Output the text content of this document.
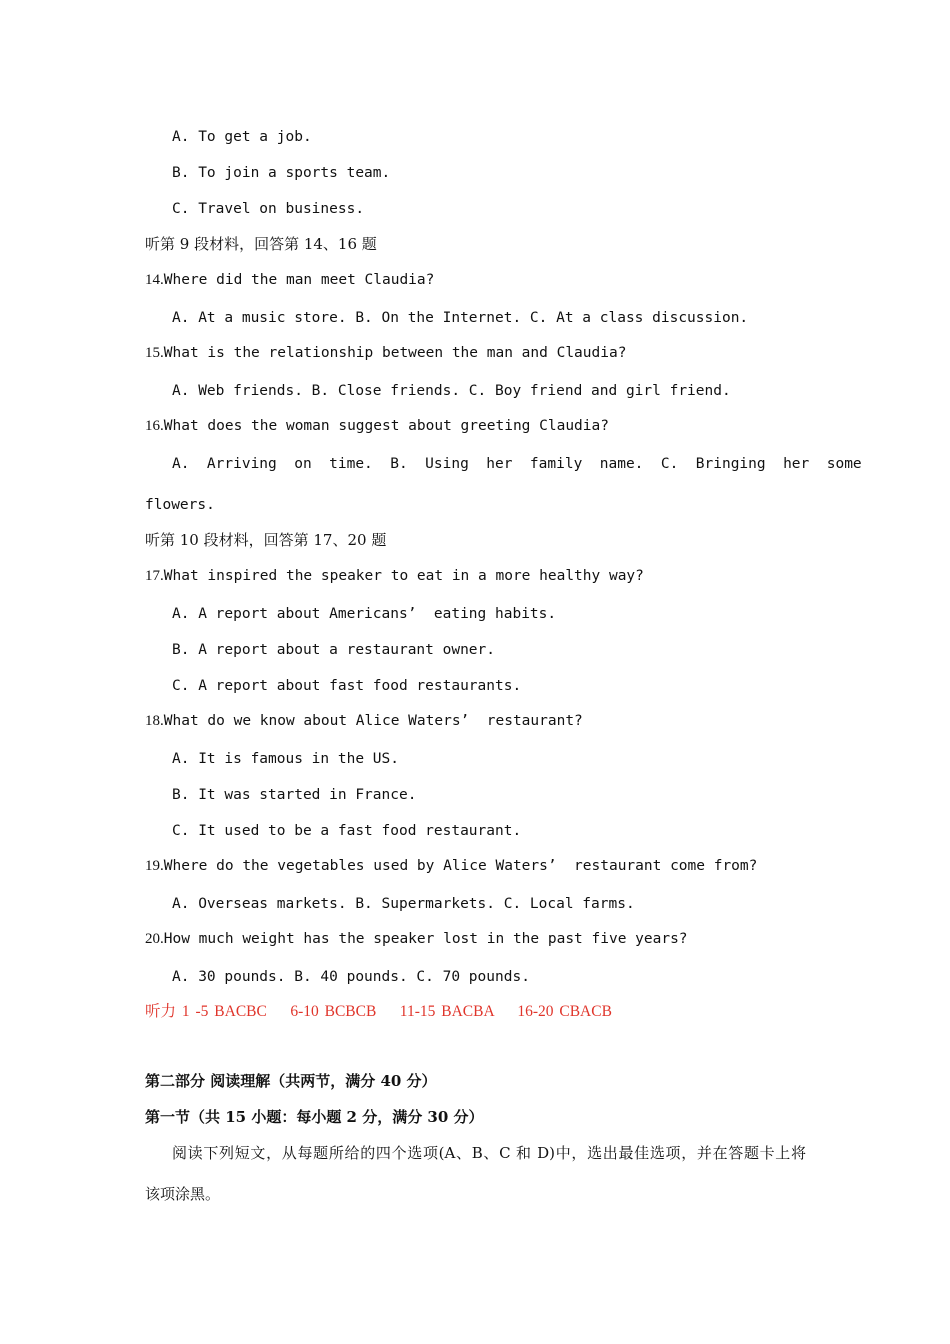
A. To get a job.
B. To join a sports team.
C. Travel on business.
听第 9 段材料，回答第 14、16 题
14.Where did the man meet Claudia?
A. At a music store. B. On the Internet. C. At a class discussion.
15.What is the relationship between the man and Claudia?
A. Web friends. B. Close friends. C. Boy friend and girl friend.
16.What does the woman suggest about greeting Claudia?
A.  Arriving  on  time.  B.  Using  her  family  name.  C.  Bringing  her  some
flowers.
听第 10 段材料，回答第 17、20 题
17.What inspired the speaker to eat in a more healthy way?
A. A report about Americans’  eating habits.
B. A report about a restaurant owner.
C. A report about fast food restaurants.
18.What do we know about Alice Waters’  restaurant?
A. It is famous in the US.
B. It was started in France.
C. It used to be a fast food restaurant.
19.Where do the vegetables used by Alice Waters’  restaurant come from?
A. Overseas markets. B. Supermarkets. C. Local farms.
20.How much weight has the speaker lost in the past five years?
A. 30 pounds. B. 40 pounds. C. 70 pounds.
听力 1 -5 BACBC    6-10 BCBCB    11-15 BACBA    16-20 CBACB
第二部分 阅读理解（共两节，满分 40 分）
第一节（共 15 小题：每小题 2 分，满分 30 分）
阅读下列短文，从每题所给的四个选项(A、B、C 和 D)中，选出最佳选项，并在答题卡上将
该项涂黑。
